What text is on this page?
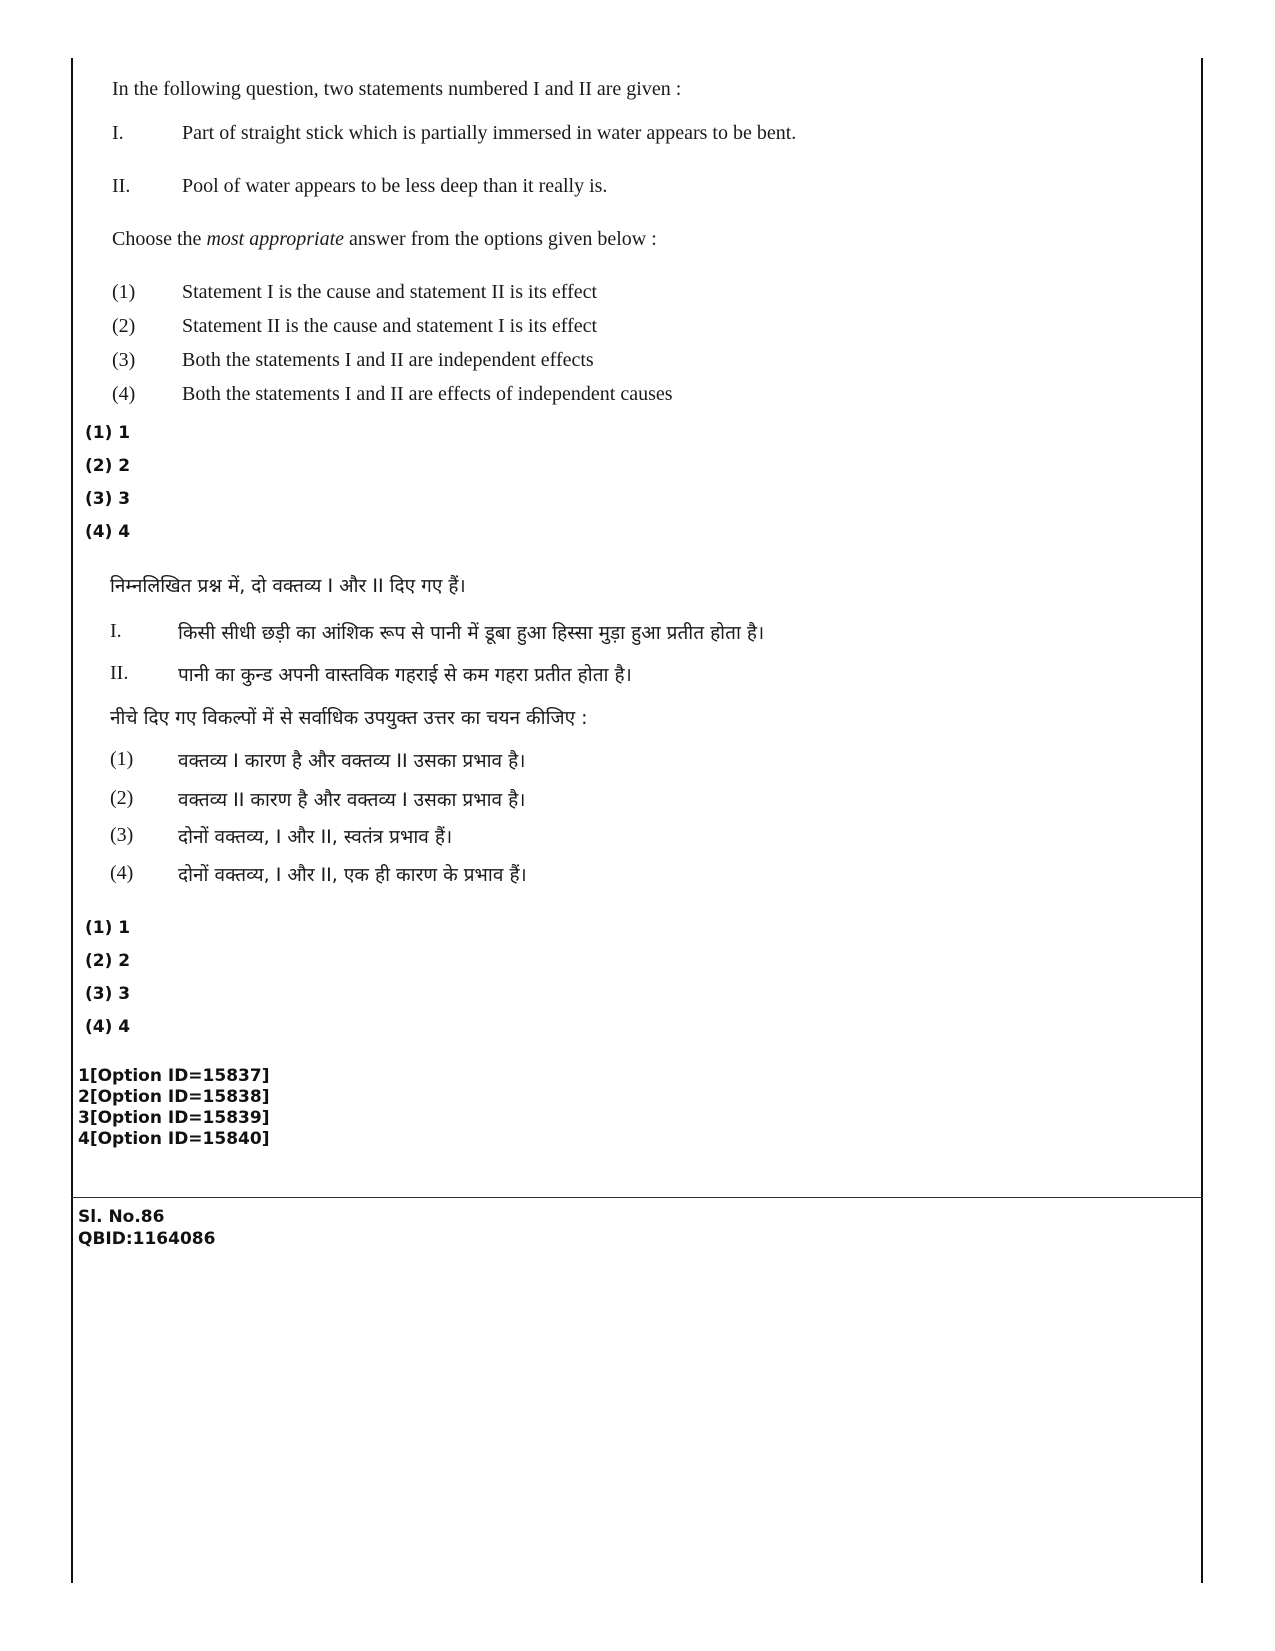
In the following question, two statements numbered I and II are given :
I.	Part of straight stick which is partially immersed in water appears to be bent.
II.	Pool of water appears to be less deep than it really is.
Choose the most appropriate answer from the options given below :
(1) Statement I is the cause and statement II is its effect
(2) Statement II is the cause and statement I is its effect
(3) Both the statements I and II are independent effects
(4) Both the statements I and II are effects of independent causes
(1) 1
(2) 2
(3) 3
(4) 4
निम्नलिखित प्रश्न में, दो वक्तव्य I और II दिए गए हैं।
I.	किसी सीधी छड़ी का आंशिक रूप से पानी में डूबा हुआ हिस्सा मुड़ा हुआ प्रतीत होता है।
II.	पानी का कुन्ड अपनी वास्तविक गहराई से कम गहरा प्रतीत होता है।
नीचे दिए गए विकल्पों में से सर्वाधिक उपयुक्त उत्तर का चयन कीजिए :
(1) वक्तव्य I कारण है और वक्तव्य II उसका प्रभाव है।
(2) वक्तव्य II कारण है और वक्तव्य I उसका प्रभाव है।
(3) दोनों वक्तव्य, I और II, स्वतंत्र प्रभाव हैं।
(4) दोनों वक्तव्य, I और II, एक ही कारण के प्रभाव हैं।
(1) 1
(2) 2
(3) 3
(4) 4
1[Option ID=15837]
2[Option ID=15838]
3[Option ID=15839]
4[Option ID=15840]
Sl. No.86
QBID:1164086
